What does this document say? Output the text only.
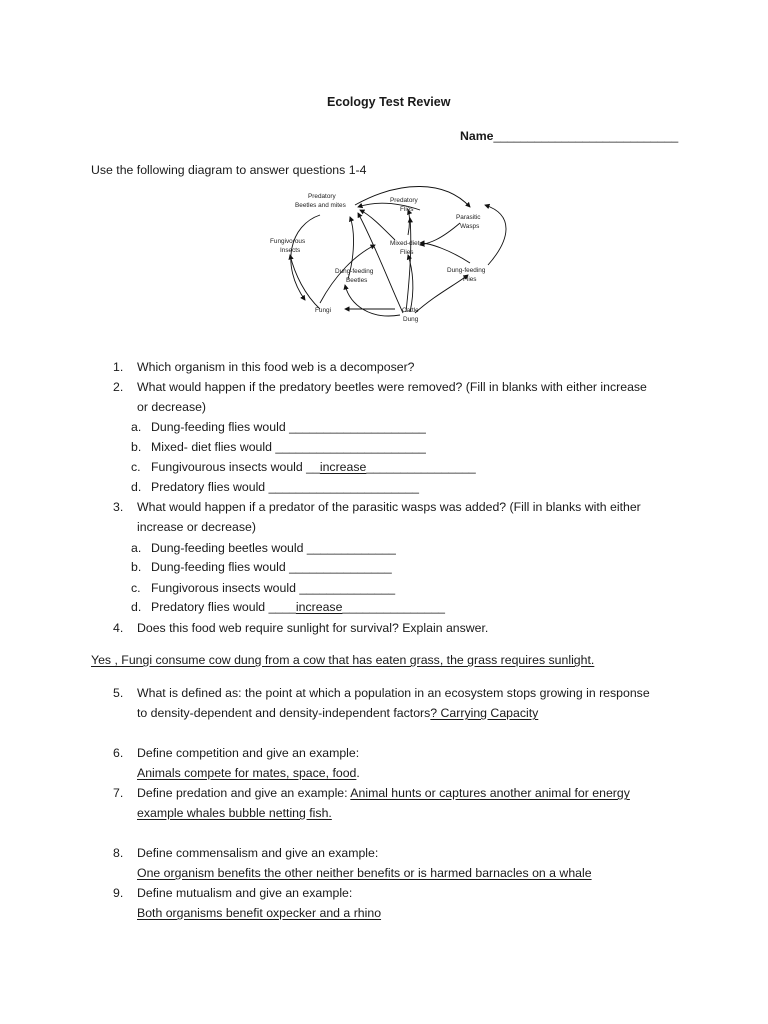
Ecology Test Review
Name___________________________
Use the following diagram to answer questions 1-4
Predatory
Beetles and mites
Predatory
Flies
Parasitic
Wasps
Fungivorous
Insects
Mixed-diet
Flies
Dung-feeding
Beetles
Dung-feeding
Flies
Fungi	Cattle
Dung
1. Which organism in this food web is a decomposer?
2. What would happen if the predatory beetles were removed? (Fill in blanks with either increase
or decrease)
a. Dung-feeding flies would ____________________
b. Mixed- diet flies would ______________________
c. Fungivourous insects would __increase________________
d. Predatory flies would ______________________
3. What would happen if a predator of the parasitic wasps was added? (Fill in blanks with either
increase or decrease)
a. Dung-feeding beetles would _____________
b. Dung-feeding flies would _______________
c. Fungivorous insects would ______________
d. Predatory flies would ____increase_______________
4. Does this food web require sunlight for survival? Explain answer.
Yes , Fungi consume cow dung from a cow that has eaten grass, the grass requires sunlight.
5. What is defined as: the point at which a population in an ecosystem stops growing in response
to density-dependent and density-independent factors? Carrying Capacity
6. Define competition and give an example:
Animals compete for mates, space, food.
7. Define predation and give an example: Animal hunts or captures another animal for energy
example whales bubble netting fish.
8. Define commensalism and give an example:
One organism benefits the other neither benefits or is harmed barnacles on a whale
9. Define mutualism and give an example:
Both organisms benefit oxpecker and a rhino
